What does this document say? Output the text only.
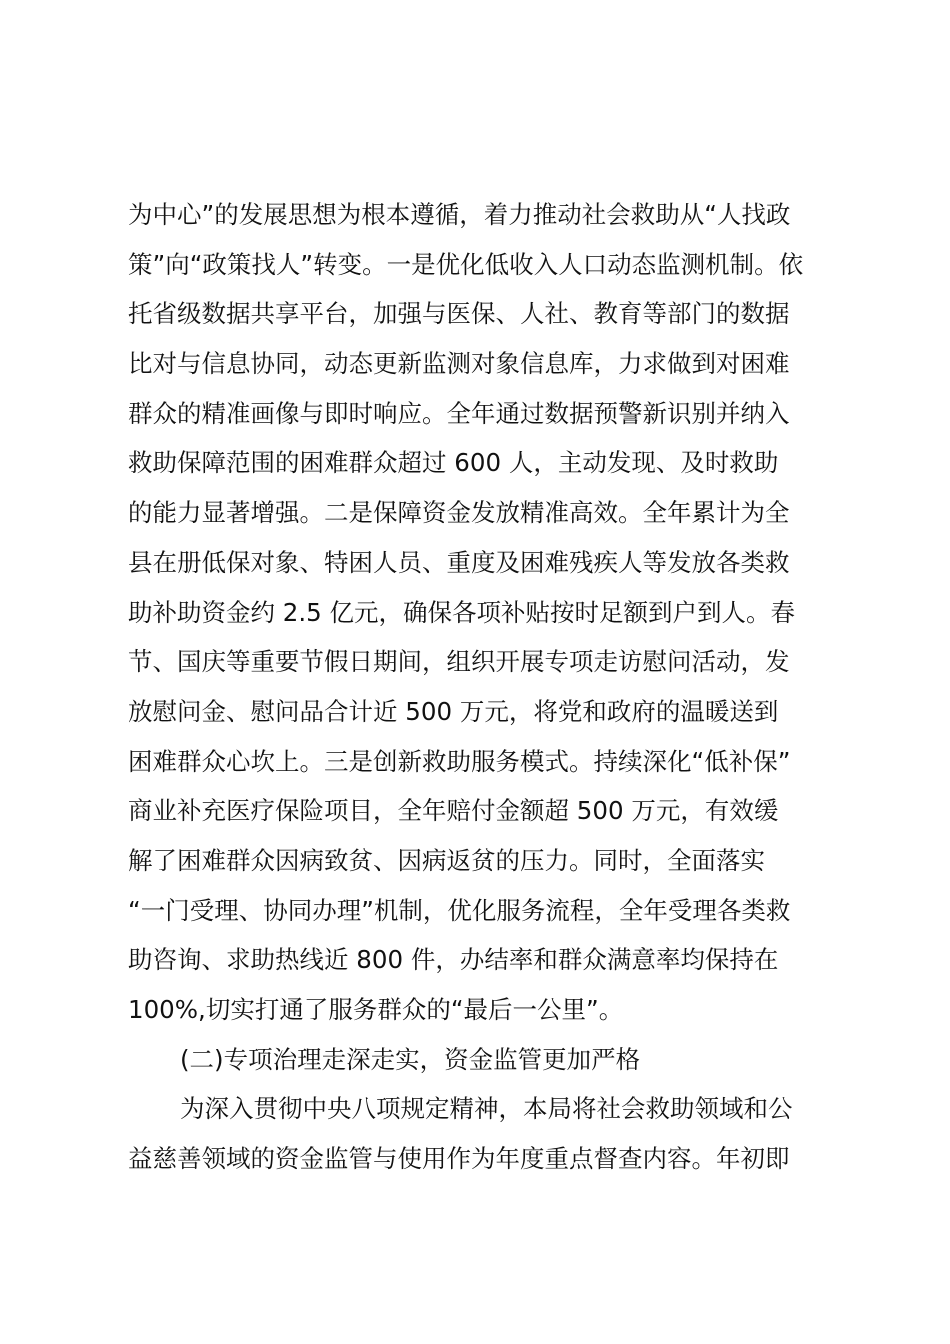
为中心”的发展思想为根本遵循，着力推动社会救助从“人找政
策”向“政策找人”转变。一是优化低收入人口动态监测机制。依
托省级数据共享平台，加强与医保、人社、教育等部门的数据
比对与信息协同，动态更新监测对象信息库，力求做到对困难
群众的精准画像与即时响应。全年通过数据预警新识别并纳入
救助保障范围的困难群众超过 600 人，主动发现、及时救助
的能力显著增强。二是保障资金发放精准高效。全年累计为全
县在册低保对象、特困人员、重度及困难残疾人等发放各类救
助补助资金约 2.5 亿元，确保各项补贴按时足额到户到人。春
节、国庆等重要节假日期间，组织开展专项走访慰问活动，发
放慰问金、慰问品合计近 500 万元，将党和政府的温暖送到
困难群众心坎上。三是创新救助服务模式。持续深化“低补保”
商业补充医疗保险项目，全年赔付金额超 500 万元，有效缓
解了困难群众因病致贫、因病返贫的压力。同时，全面落实
“一门受理、协同办理”机制，优化服务流程，全年受理各类救
助咨询、求助热线近 800 件，办结率和群众满意率均保持在
100%,切实打通了服务群众的“最后一公里”。
(二)专项治理走深走实，资金监管更加严格
为深入贯彻中央八项规定精神，本局将社会救助领域和公
益慈善领域的资金监管与使用作为年度重点督查内容。年初即
